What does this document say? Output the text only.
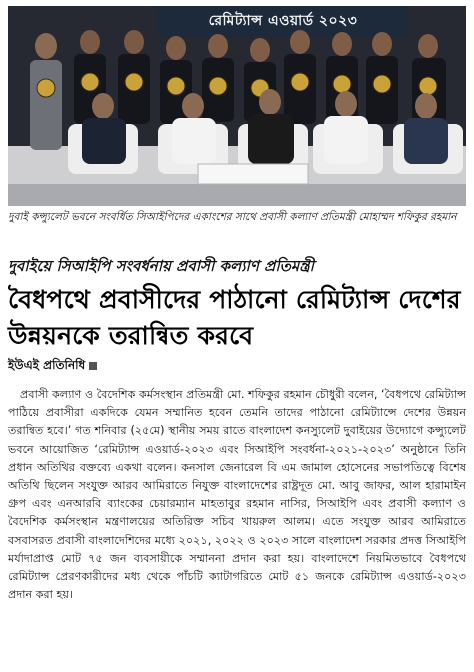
রেমিট্যান্স এওয়ার্ড ২০২৩
দুবাই কন্স্যুলেট ভবনে সংবর্ধিত সিআইপিদের একাংশের সাথে প্রবাসী কল্যাণ প্রতিমন্ত্রী মোহাম্মদ শফিকুর রহমান
দুবাইয়ে সিআইপি সংবর্ধনায় প্রবাসী কল্যাণ প্রতিমন্ত্রী
বৈধপথে প্রবাসীদের পাঠানো রেমিট্যান্স দেশের উন্নয়নকে তরান্বিত করবে
ইউএই প্রতিনিধি
প্রবাসী কল্যাণ ও বৈদেশিক কর্মসংস্থান প্রতিমন্ত্রী মো. শফিকুর রহমান চৌধুরী বলেন, ‘বৈধপথে রেমিট্যান্স পাঠিয়ে প্রবাসীরা একদিকে যেমন সম্মানিত হবেন তেমনি তাদের পাঠানো রেমিট্যান্সে দেশের উন্নয়ন তরান্বিত হবে।’ গত শনিবার (২৫মে) স্থানীয় সময় রাতে বাংলাদেশ কনস্যুলেট দুবাইয়ের উদ্যোগে কন্স্যুলেট ভবনে আয়োজিত ‘রেমিট্যান্স এওয়ার্ড-২০২৩ এবং সিআইপি সংবর্ধনা-২০২১-২০২৩’ অনুষ্ঠানে তিনি প্রধান অতিথির বক্তব্যে একথা বলেন। কনসাল জেনারেল বি এম জামাল হোসেনের সভাপতিত্বে বিশেষ অতিথি ছিলেন সংযুক্ত আরব আমিরাতে নিযুক্ত বাংলাদেশের রাষ্ট্রদূত মো. আবু জাফর, আল হারামাইন গ্রুপ এবং এনআরবি ব্যাংকের চেয়ারম্যান মাহতাবুর রহমান নাসির, সিআইপি এবং প্রবাসী কল্যাণ ও বৈদেশিক কর্মসংস্থান মন্ত্রণালয়ের অতিরিক্ত সচিব খায়রুল আলম। এতে সংযুক্ত আরব আমিরাতে বসবাসরত প্রবাসী বাংলাদেশিদের মধ্যে ২০২১, ২০২২ ও ২০২৩ সালে বাংলাদেশ সরকার প্রদত্ত সিআইপি মর্যাদাপ্রাপ্ত মোট ৭৫ জন ব্যবসায়ীকে সম্মাননা প্রদান করা হয়। বাংলাদেশে নিয়মিতভাবে বৈধপথে রেমিট্যান্স প্রেরণকারীদের মধ্য থেকে পাঁচটি ক্যাটাগরিতে মোট ৫১ জনকে রেমিট্যান্স এওয়ার্ড-২০২৩ প্রদান করা হয়।
